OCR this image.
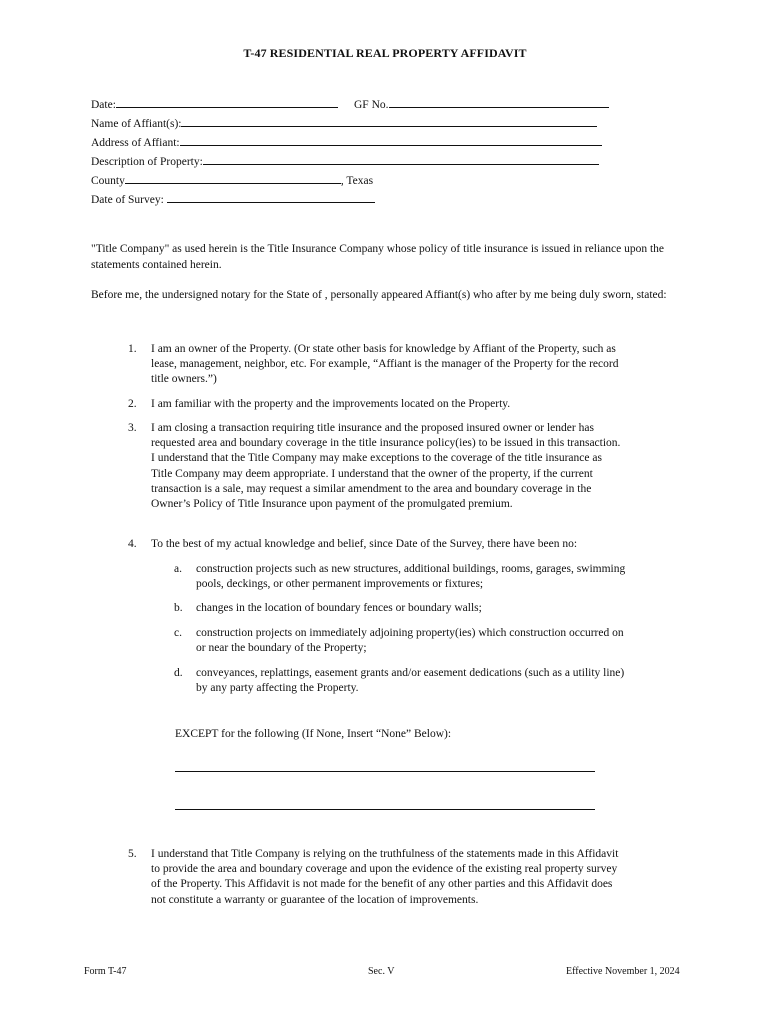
T-47 RESIDENTIAL REAL PROPERTY AFFIDAVIT
Date:	GF No.
Name of Affiant(s):
Address of Affiant:
Description of Property:
County	, Texas
Date of Survey:

"Title Company" as used herein is the Title Insurance Company whose policy of title insurance is issued in reliance upon the statements contained herein.

Before me, the undersigned notary for the State of , personally appeared Affiant(s) who after by me being duly sworn, stated:

1. I am an owner of the Property. (Or state other basis for knowledge by Affiant of the Property, such as lease, management, neighbor, etc. For example, “Affiant is the manager of the Property for the record title owners.”)

2. I am familiar with the property and the improvements located on the Property.

3. I am closing a transaction requiring title insurance and the proposed insured owner or lender has requested area and boundary coverage in the title insurance policy(ies) to be issued in this transaction. I understand that the Title Company may make exceptions to the coverage of the title insurance as Title Company may deem appropriate. I understand that the owner of the property, if the current transaction is a sale, may request a similar amendment to the area and boundary coverage in the Owner’s Policy of Title Insurance upon payment of the promulgated premium.

4. To the best of my actual knowledge and belief, since Date of the Survey, there have been no:

a. construction projects such as new structures, additional buildings, rooms, garages, swimming pools, deckings, or other permanent improvements or fixtures;

b. changes in the location of boundary fences or boundary walls;

c. construction projects on immediately adjoining property(ies) which construction occurred on or near the boundary of the Property;

d. conveyances, replattings, easement grants and/or easement dedications (such as a utility line) by any party affecting the Property.

EXCEPT for the following (If None, Insert “None” Below):

5. I understand that Title Company is relying on the truthfulness of the statements made in this Affidavit to provide the area and boundary coverage and upon the evidence of the existing real property survey of the Property. This Affidavit is not made for the benefit of any other parties and this Affidavit does not constitute a warranty or guarantee of the location of improvements.

Form T-47	Sec. V	Effective November 1, 2024
